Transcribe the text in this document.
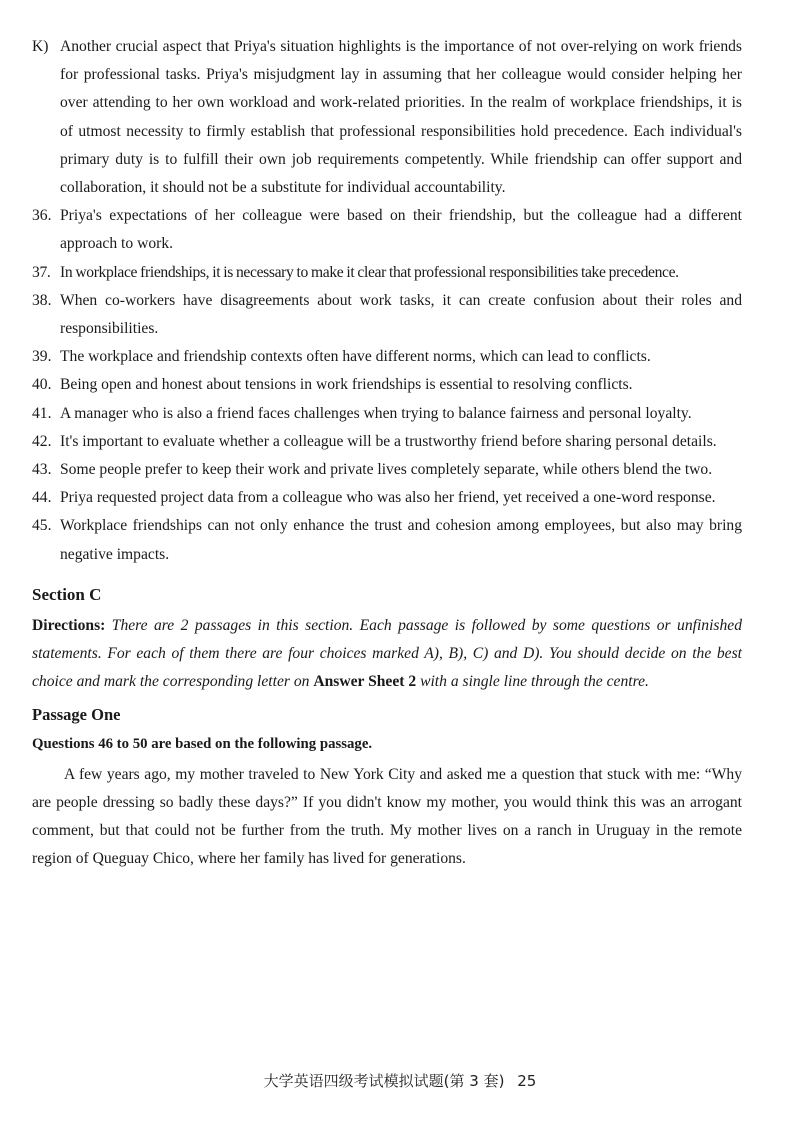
K) Another crucial aspect that Priya's situation highlights is the importance of not over-relying on work friends for professional tasks. Priya's misjudgment lay in assuming that her colleague would consider helping her over attending to her own workload and work-related priorities. In the realm of workplace friendships, it is of utmost necessity to firmly establish that professional responsibilities hold precedence. Each individual's primary duty is to fulfill their own job requirements competently. While friendship can offer support and collaboration, it should not be a substitute for individual accountability.

36. Priya's expectations of her colleague were based on their friendship, but the colleague had a different approach to work.

37. In workplace friendships, it is necessary to make it clear that professional responsibilities take precedence.

38. When co-workers have disagreements about work tasks, it can create confusion about their roles and responsibilities.

39. The workplace and friendship contexts often have different norms, which can lead to conflicts.

40. Being open and honest about tensions in work friendships is essential to resolving conflicts.

41. A manager who is also a friend faces challenges when trying to balance fairness and personal loyalty.

42. It's important to evaluate whether a colleague will be a trustworthy friend before sharing personal details.

43. Some people prefer to keep their work and private lives completely separate, while others blend the two.

44. Priya requested project data from a colleague who was also her friend, yet received a one-word response.

45. Workplace friendships can not only enhance the trust and cohesion among employees, but also may bring negative impacts.

Section C

Directions: There are 2 passages in this section. Each passage is followed by some questions or unfinished statements. For each of them there are four choices marked A), B), C) and D). You should decide on the best choice and mark the corresponding letter on Answer Sheet 2 with a single line through the centre.

Passage One

Questions 46 to 50 are based on the following passage.

A few years ago, my mother traveled to New York City and asked me a question that stuck with me: “Why are people dressing so badly these days?” If you didn't know my mother, you would think this was an arrogant comment, but that could not be further from the truth. My mother lives on a ranch in Uruguay in the remote region of Queguay Chico, where her family has lived for generations.

大学英语四级考试模拟试题(第 3 套) 25
